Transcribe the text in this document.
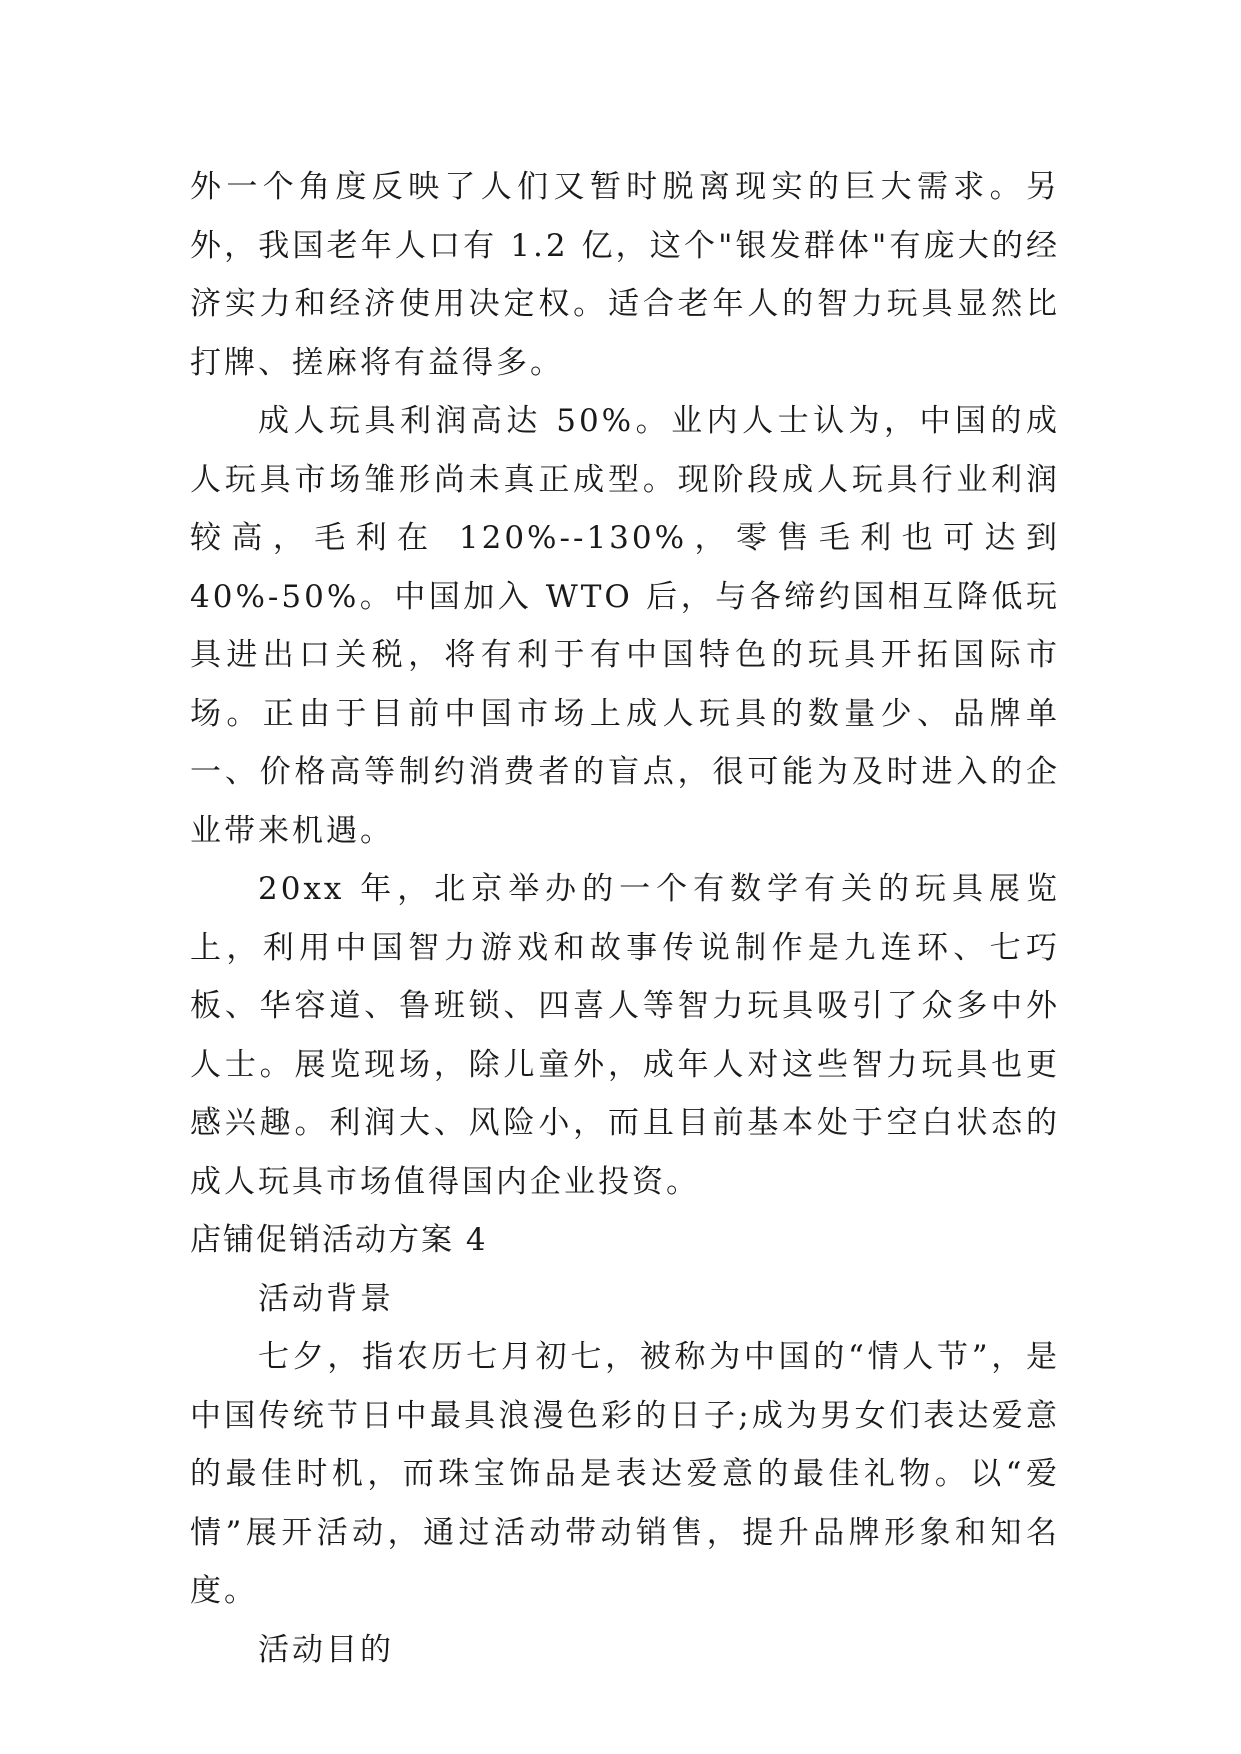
外一个角度反映了人们又暂时脱离现实的巨大需求。另外，我国老年人口有 1.2 亿，这个"银发群体"有庞大的经济实力和经济使用决定权。适合老年人的智力玩具显然比打牌、搓麻将有益得多。

成人玩具利润高达 50%。业内人士认为，中国的成人玩具市场雏形尚未真正成型。现阶段成人玩具行业利润较高，毛利在 120%--130%，零售毛利也可达到 40%-50%。中国加入 WTO 后，与各缔约国相互降低玩具进出口关税，将有利于有中国特色的玩具开拓国际市场。正由于目前中国市场上成人玩具的数量少、品牌单一、价格高等制约消费者的盲点，很可能为及时进入的企业带来机遇。

20xx 年，北京举办的一个有数学有关的玩具展览上，利用中国智力游戏和故事传说制作是九连环、七巧板、华容道、鲁班锁、四喜人等智力玩具吸引了众多中外人士。展览现场，除儿童外，成年人对这些智力玩具也更感兴趣。利润大、风险小，而且目前基本处于空白状态的成人玩具市场值得国内企业投资。

店铺促销活动方案 4

活动背景

七夕，指农历七月初七，被称为中国的“情人节”，是中国传统节日中最具浪漫色彩的日子;成为男女们表达爱意的最佳时机，而珠宝饰品是表达爱意的最佳礼物。以“爱情”展开活动，通过活动带动销售，提升品牌形象和知名度。

活动目的
